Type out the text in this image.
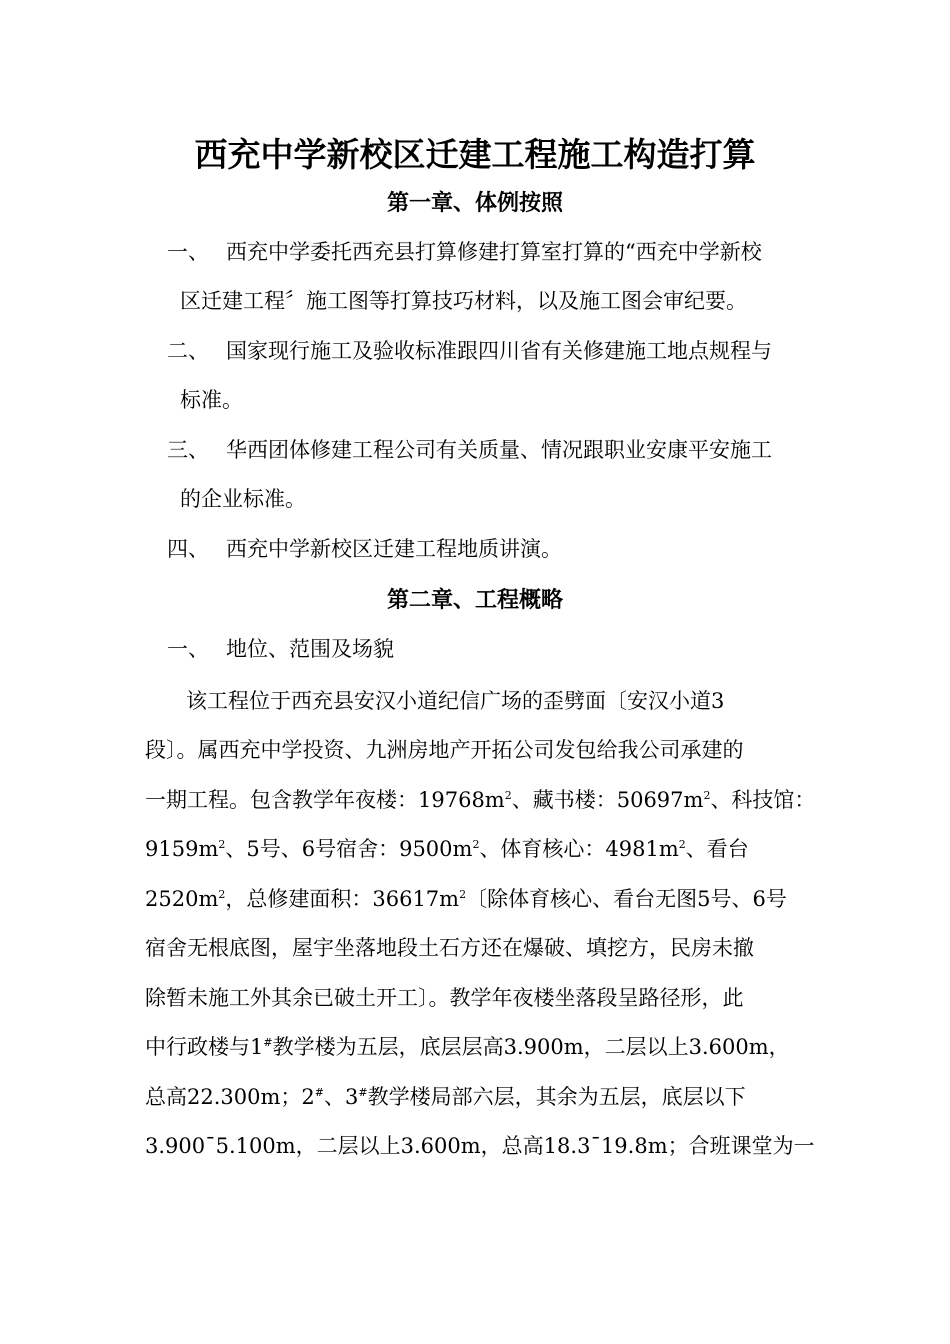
西充中学新校区迁建工程施工构造打算
第一章、体例按照
一、 西充中学委托西充县打算修建打算室打算的“西充中学新校
区迁建工程〞施工图等打算技巧材料，以及施工图会审纪要。
二、 国家现行施工及验收标准跟四川省有关修建施工地点规程与
标准。
三、 华西团体修建工程公司有关质量、情况跟职业安康平安施工
的企业标准。
四、 西充中学新校区迁建工程地质讲演。
第二章、工程概略
一、 地位、范围及场貌
该工程位于西充县安汉小道纪信广场的歪劈面〔安汉小道3
段〕。属西充中学投资、九洲房地产开拓公司发包给我公司承建的
一期工程。包含教学年夜楼：$19768m^2$、藏书楼：$50697m^2$、科技馆：
$9159m^2$、5号、6号宿舍：$9500m^2$、体育核心：$4981m^2$、看台
$2520m^2$，总修建面积：$36617m^2$〔除体育核心、看台无图5号、6号
宿舍无根底图，屋宇坐落地段土石方还在爆破、填挖方，民房未撤
除暂未施工外其余已破土开工〕。教学年夜楼坐落段呈路径形，此
中行政楼与1#教学楼为五层，底层层高3.900m，二层以上3.600m，
总高22.300m；2#、3#教学楼局部六层，其余为五层，底层以下
3.900ˉ5.100m，二层以上3.600m，总高18.3ˉ19.8m；合班课堂为一
